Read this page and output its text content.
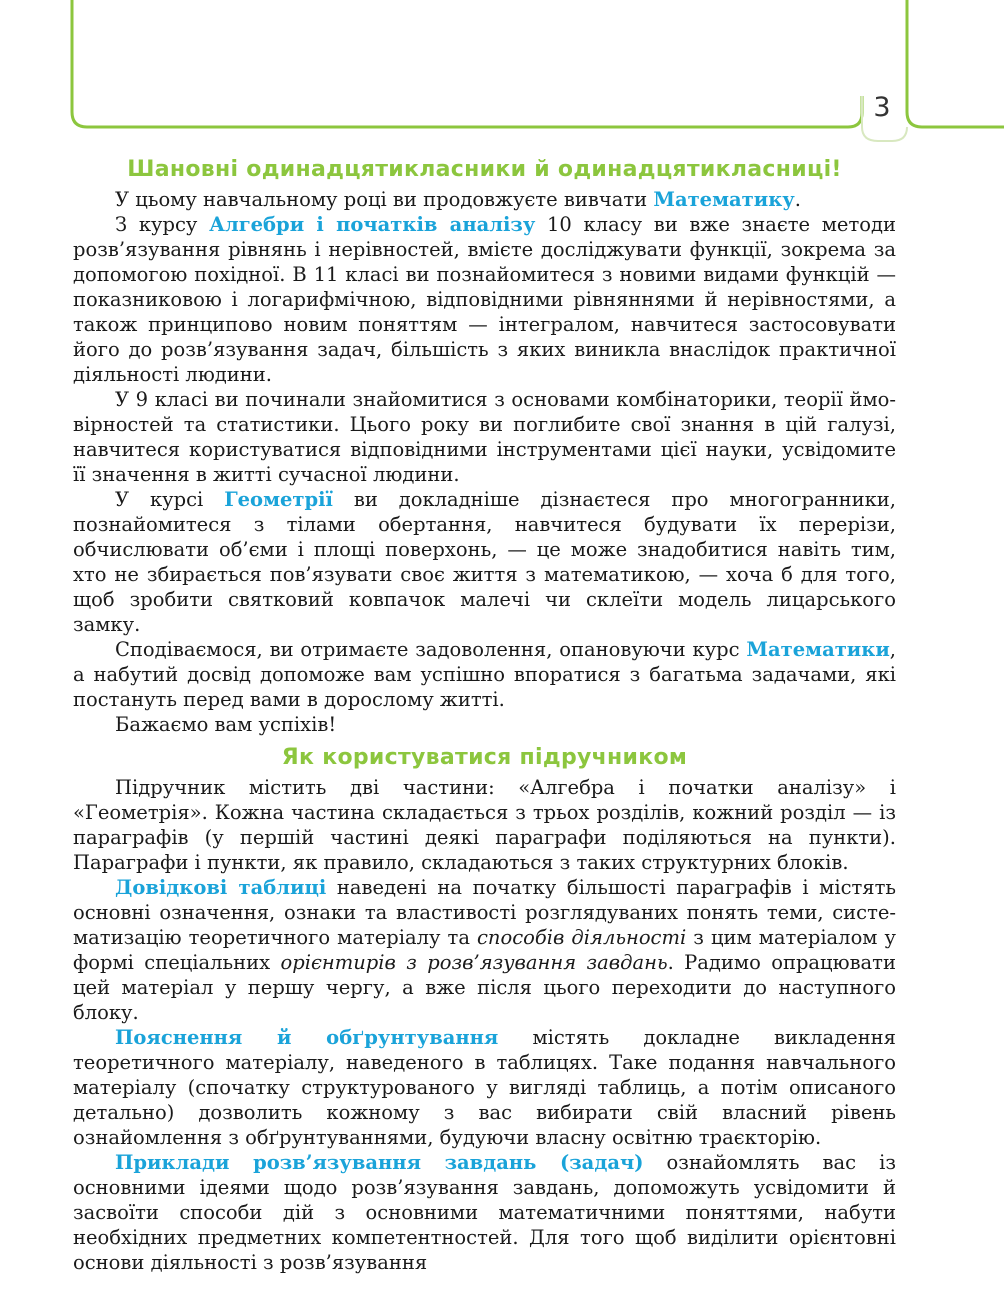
3
Шановні одинадцятикласники й одинадцятикласниці!

У цьому навчальному році ви продовжуєте вивчати Математику.

З курсу Алгебри і початків аналізу 10 класу ви вже знаєте методи розв’язування рівнянь і нерівностей, вмієте досліджувати функції, зокрема за допомогою похідної. В 11 класі ви познайомитеся з новими видами функцій — показниковою і логарифмічною, відповідними рівняннями й нерівностями, а також принципово новим поняттям — інтегралом, навчитеся застосовувати його до розв’язування задач, більшість з яких виникла внаслідок практичної діяльності людини.

У 9 класі ви починали знайомитися з основами комбінаторики, теорії ймовірностей та статистики. Цього року ви поглибите свої знання в цій галузі, навчитеся користуватися відповідними інструментами цієї науки, усвідомите її значення в житті сучасної людини.

У курсі Геометрії ви докладніше дізнаєтеся про многогранники, познайомитеся з тілами обертання, навчитеся будувати їх перерізи, обчислювати об’єми і площі поверхонь, — це може знадобитися навіть тим, хто не збирається пов’язувати своє життя з математикою, — хоча б для того, щоб зробити святковий ковпачок малечі чи склеїти модель лицарського замку.

Сподіваємося, ви отримаєте задоволення, опановуючи курс Математики, а набутий досвід допоможе вам успішно впоратися з багатьма задачами, які постануть перед вами в дорослому житті.

Бажаємо вам успіхів!

Як користуватися підручником

Підручник містить дві частини: «Алгебра і початки аналізу» і «Геометрія». Кожна частина складається з трьох розділів, кожний розділ — із параграфів (у першій частині деякі параграфи поділяються на пункти). Параграфи і пункти, як правило, складаються з таких структурних блоків.

Довідкові таблиці наведені на початку більшості параграфів і містять основні означення, ознаки та властивості розглядуваних понять теми, систематизацію теоретичного матеріалу та способів діяльності з цим матеріалом у формі спеціальних орієнтирів з розв’язування завдань. Радимо опрацювати цей матеріал у першу чергу, а вже після цього переходити до наступного блоку.

Пояснення й обґрунтування містять докладне викладення теоретичного матеріалу, наведеного в таблицях. Таке подання навчального матеріалу (спочатку структурованого у вигляді таблиць, а потім описаного детально) дозволить кожному з вас вибирати свій власний рівень ознайомлення з обґрунтуваннями, будуючи власну освітню траєкторію.

Приклади розв’язування завдань (задач) ознайомлять вас із основними ідеями щодо розв’язування завдань, допоможуть усвідомити й засвоїти способи дій з основними математичними поняттями, набути необхідних предметних компетентностей. Для того щоб виділити орієнтовні основи діяльності з розв’язування
